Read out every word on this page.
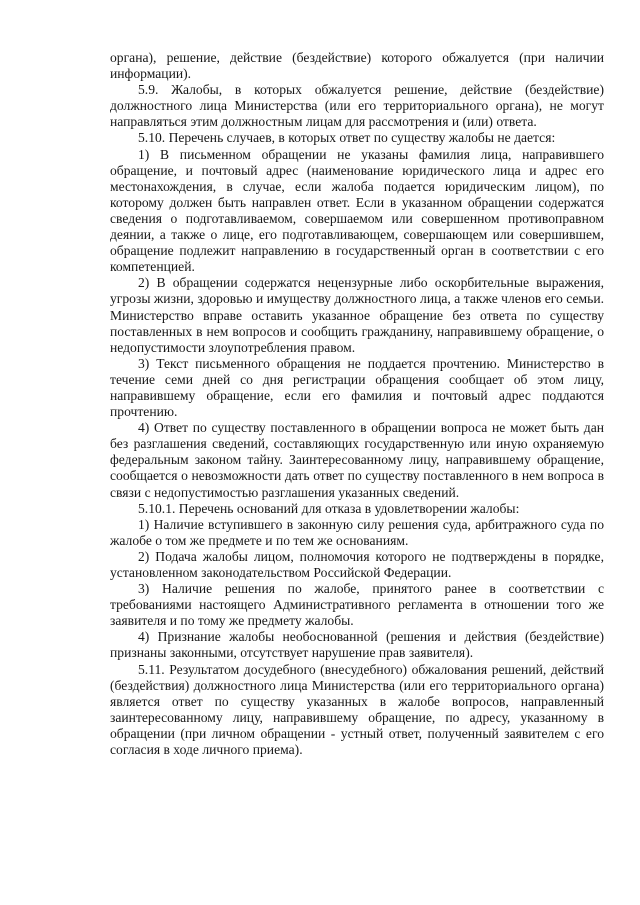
органа), решение, действие (бездействие) которого обжалуется (при наличии информации).

5.9. Жалобы, в которых обжалуется решение, действие (бездействие) должностного лица Министерства (или его территориального органа), не могут направляться этим должностным лицам для рассмотрения и (или) ответа.

5.10. Перечень случаев, в которых ответ по существу жалобы не дается:

1) В письменном обращении не указаны фамилия лица, направившего обращение, и почтовый адрес (наименование юридического лица и адрес его местонахождения, в случае, если жалоба подается юридическим лицом), по которому должен быть направлен ответ. Если в указанном обращении содержатся сведения о подготавливаемом, совершаемом или совершенном противоправном деянии, а также о лице, его подготавливающем, совершающем или совершившем, обращение подлежит направлению в государственный орган в соответствии с его компетенцией.

2) В обращении содержатся нецензурные либо оскорбительные выражения, угрозы жизни, здоровью и имуществу должностного лица, а также членов его семьи. Министерство вправе оставить указанное обращение без ответа по существу поставленных в нем вопросов и сообщить гражданину, направившему обращение, о недопустимости злоупотребления правом.

3) Текст письменного обращения не поддается прочтению. Министерство в течение семи дней со дня регистрации обращения сообщает об этом лицу, направившему обращение, если его фамилия и почтовый адрес поддаются прочтению.

4) Ответ по существу поставленного в обращении вопроса не может быть дан без разглашения сведений, составляющих государственную или иную охраняемую федеральным законом тайну. Заинтересованному лицу, направившему обращение, сообщается о невозможности дать ответ по существу поставленного в нем вопроса в связи с недопустимостью разглашения указанных сведений.

5.10.1. Перечень оснований для отказа в удовлетворении жалобы:

1) Наличие вступившего в законную силу решения суда, арбитражного суда по жалобе о том же предмете и по тем же основаниям.

2) Подача жалобы лицом, полномочия которого не подтверждены в порядке, установленном законодательством Российской Федерации.

3) Наличие решения по жалобе, принятого ранее в соответствии с требованиями настоящего Административного регламента в отношении того же заявителя и по тому же предмету жалобы.

4) Признание жалобы необоснованной (решения и действия (бездействие) признаны законными, отсутствует нарушение прав заявителя).

5.11. Результатом досудебного (внесудебного) обжалования решений, действий (бездействия) должностного лица Министерства (или его территориального органа) является ответ по существу указанных в жалобе вопросов, направленный заинтересованному лицу, направившему обращение, по адресу, указанному в обращении (при личном обращении - устный ответ, полученный заявителем с его согласия в ходе личного приема).
